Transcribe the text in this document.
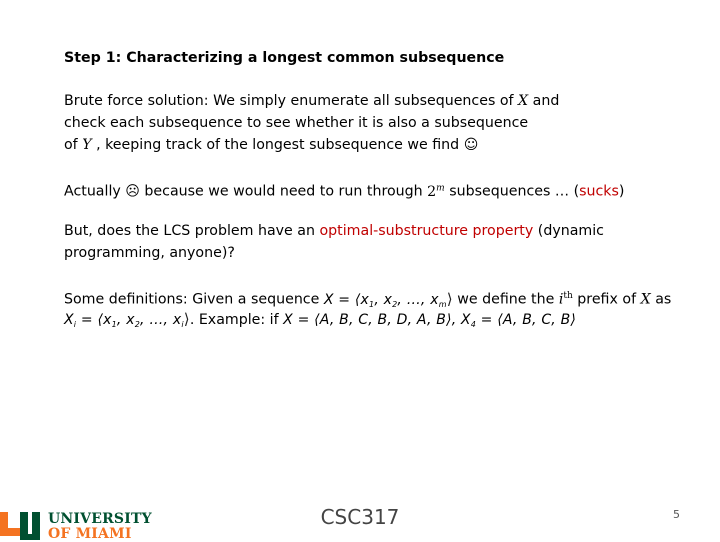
Step 1: Characterizing a longest common subsequence
Brute force solution: We simply enumerate all subsequences of X and
check each subsequence to see whether it is also a subsequence
of Y , keeping track of the longest subsequence we find ☺
Actually ☹ because we would need to run through 2$^m$ subsequences … (sucks)
But, does the LCS problem have an optimal-substructure property (dynamic
programming, anyone)?
Some definitions: Given a sequence $X = ⟨x_1$, $x_2$, …, $x_m⟩$ we define the $i^{th}$ prefix of X as
$X_i$ = $⟨x_1$, $x_2$, …, $x_i⟩$. Example: if X = ⟨A, B, C, B, D, A, B⟩, $X_4$ = ⟨A, B, C, B⟩
UNIVERSITY
OF MIAMI
CSC317	5
